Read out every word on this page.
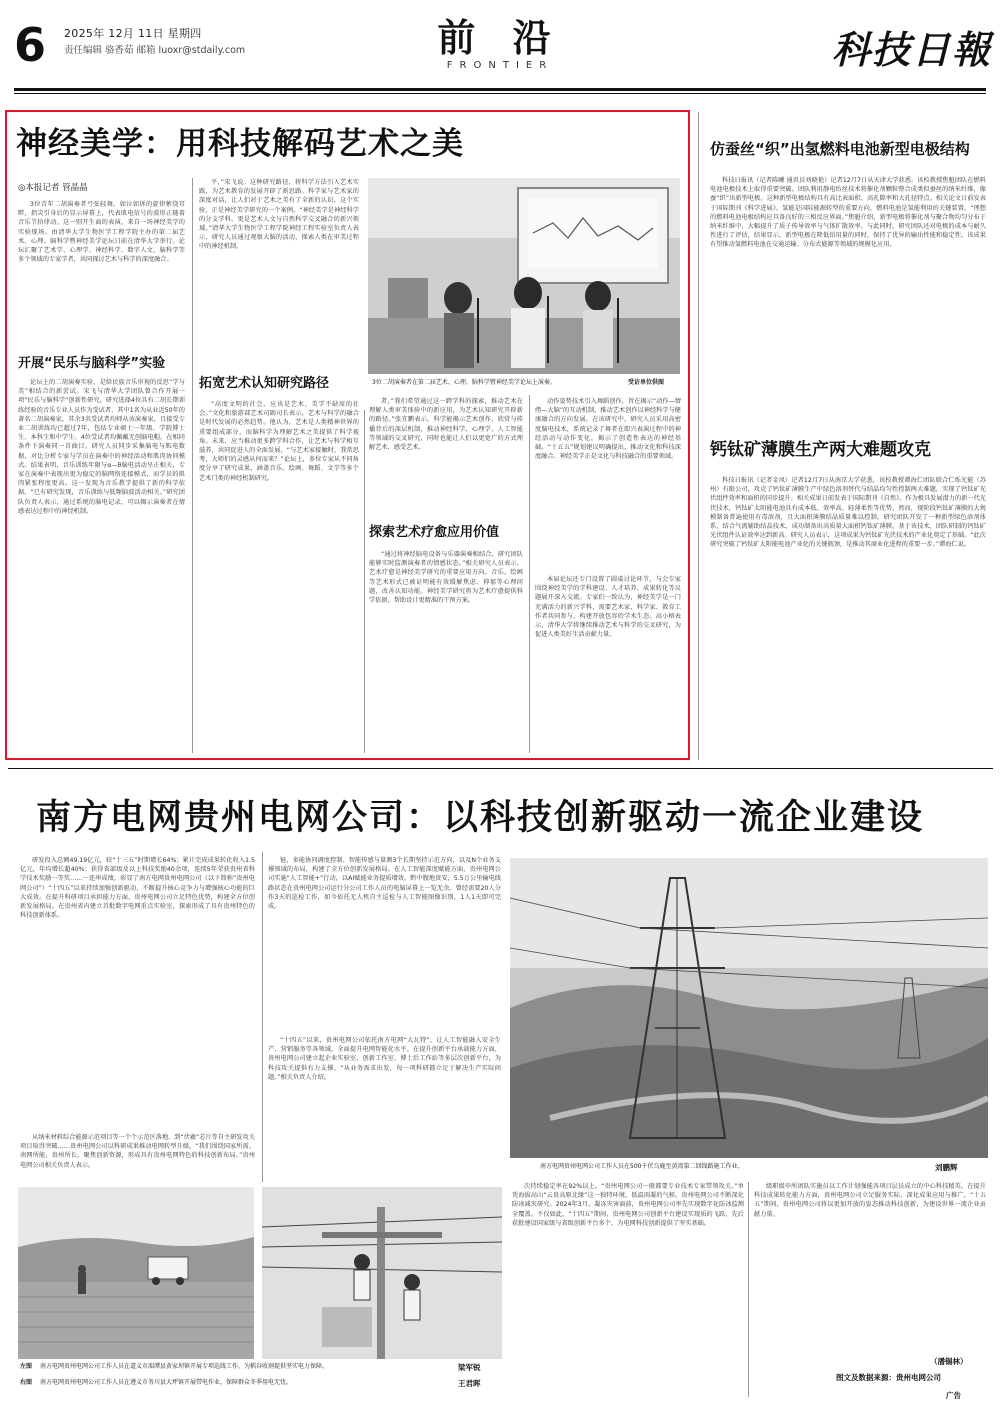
6 2025年 12月 11日 星期四
责任编辑 骆香茹 邮箱 luoxr@stdaily.com	前 沿
FRONTIER	科技日報
神经美学：用科技解码艺术之美
◎本报记者 管晶晶
3位青年二胡演奏者弓弦轻舞，如泣如诉的旋律萦绕耳畔，指尖引身后的显示屏幕上，代表肌电信号的波形正随着音乐节拍律动。这一别开生面的表演，来自一场神经美学的实验现场。由清华大学生物医学工程学院主办的第二届艺术、心理、脑科学暨神经美学论坛日前在清华大学举行。论坛汇聚了艺术学、心理学、神经科学、数字人文、脑科学等多个领域的专家学者，共同探讨艺术与科学的深度融合。
开展“民乐与脑科学”实验
论坛上的二胡演奏实验，是给民族音乐审视的反思“学与美”相结合的新尝试。宋飞与清华大学团队曾合作开展一项“民乐与脑科学”创新性研究。研究选择4位具有二胡长期训练经验的音乐专业人员作为受试者，其中1名为从业近50年的著名二胡演奏家，其余3名受试者均师从该演奏家，且接受专业二胡训练均已超过7年，包括专业硕士一年级、学院博士生、本科生和中学生。4位受试者均佩戴无创脑电帽，在相同条件下演奏同一首曲目。研究人员同步采集脑电与肌电数据，对比分析专家与学员在演奏中的神经活动和肌肉协同模式。结果表明，音乐训练年限与α—θ脑电活动呈正相关，专家在演奏中表现出更为稳定的脑网络连接模式，而学员的肌肉紧张程度更高。这一发现为音乐教学提供了新的科学依据。“已有研究发现，音乐训练与低频脑波活动相关。”研究团队负责人表示，通过系统的脑电记录，可以揭示演奏者在情感表达过程中的神经机制。
平，”宋飞说。这种研究路径，将科学方法引入艺术实践，为艺术教育的发展开辟了新思路。科学家与艺术家的深度对话，让人们对于艺术之美有了全新的认识。这个实验，正是神经美学研究的一个案例。“神经美学是神经科学的分支学科，更是艺术人文与自然科学交叉融合的新兴领域。”清华大学生物医学工程学院神经工程实验室负责人表示，研究人员通过观察大脑的活动，探索人类在审美过程中的神经机制。
拓宽艺术认知研究路径
“高度文明的社会，应该是艺术、美学不缺席的社会。”文化和旅游部艺术司副司长表示，艺术与科学的融合是时代发展的必然趋势。他认为，艺术是人类精神世界的重要组成部分，而脑科学为理解艺术之美提供了科学视角。未来，应当推动更多跨学科合作，让艺术与科学相互滋养，共同促进人的全面发展。“与艺术家接触时，我常思考，大师们的灵感从何而来？”论坛上，多位专家从不同角度分享了研究成果，涵盖音乐、绘画、舞蹈、文学等多个艺术门类的神经机制研究。
3位二胡演奏者在第二届艺术、心理、脑科学暨神经美学论坛上演奏。	受访单位供图
者，”我们希望通过这一跨学科的探索，推动艺术在理解人类审美体验中的新应用，为艺术认知研究开辟新的路径。”张宜鹏表示，科学能揭示艺术创作、欣赏与传播背后的深层机制，推动神经科学、心理学、人工智能等领域的交叉研究，同时也能让人们以更宽广的方式理解艺术、感受艺术。
探索艺术疗愈应用价值
“通过将神经脑电设备与乐器演奏相结合，研究团队能够实时监测演奏者的情感状态。”相关研究人员表示，艺术疗愈是神经美学研究的重要应用方向。音乐、绘画等艺术形式已被证明能有效缓解焦虑、抑郁等心理问题，改善认知功能。神经美学研究将为艺术疗愈提供科学依据，帮助设计更精准的干预方案。
动作姿势技术引入舞蹈创作，旨在揭示“动作—情绪—大脑”的互动机制，推动艺术创作以神经科学与健康融合的方向发展。在该研究中，研究人员采用高密度脑电技术，系统记录了舞者在即兴表演过程中的神经活动与动作变化，揭示了创造性表达的神经基础。“十五五”规划建议明确提出，推动文化和科技深度融合。神经美学正是文化与科技融合的重要领域。
本届论坛还专门设置了圆桌讨论环节，与会专家围绕神经美学的学科建设、人才培养、成果转化等议题展开深入交流。专家们一致认为，神经美学是一门充满活力的新兴学科，需要艺术家、科学家、教育工作者共同参与，构建开放包容的学术生态。高小榕表示，清华大学将继续推动艺术与科学的交叉研究，为促进人类美好生活贡献力量。
仿蚕丝“织”出氢燃料电池新型电极结构
科技日报讯（记者陈曦 通讯员刘晓艳）记者12月7日从天津大学获悉，该校教授焦魁团队在燃料电池电极技术上取得重要突破。团队利用静电纺丝技术将催化剂颗粒整合成类似蚕丝的纳米纤维，像蚕“织”出新型电极。这种新型电极结构具有高比表面积、高孔隙率和大孔径特点。相关论文日前发表于国际期刊《科学进展》。氢能是国际能源转型的重要方向，燃料电池是氢能利用的关键装置。“理想的燃料电池电极结构应具备良好的三相反应界面。”焦魁介绍，新型电极将催化剂与聚合物均匀分布于纳米纤维中，大幅提升了质子传导效率与气体扩散效率。与此同时，研究团队还对电极的成本与耐久性进行了评估，结果显示，新型电极在降低铂用量的同时，保持了优异的输出性能和稳定性。该成果有望推动氢燃料电池在交通运输、分布式能源等领域的规模化应用。
钙钛矿薄膜生产两大难题攻克
科技日报讯（记者金凤）记者12月7日从南京大学获悉，该校教授谭海仁团队联合仁烁光能（苏州）有限公司，攻克了钙钛矿薄膜生产中绿色溶剂替代与结晶均匀性控制两大难题，实现了钙钛矿光伏组件效率和面积的同步提升。相关成果日前发表于国际期刊《自然》。作为极具发展潜力的新一代光伏技术，钙钛矿太阳能电池具有成本低、效率高、轻薄柔性等优势。然而，现阶段钙钛矿薄膜的大规模制备普遍使用有毒溶剂，且大面积薄膜结晶质量难以控制。研究团队开发了一种新型绿色溶剂体系，结合气流辅助结晶技术，成功制备出高质量大面积钙钛矿薄膜。基于该技术，团队研制的钙钛矿光伏组件认证效率达到新高。研究人员表示，这项成果为钙钛矿光伏技术的产业化奠定了基础。“此次研究突破了钙钛矿太阳能电池产业化的关键瓶颈，是推动其商业化进程的重要一步。”谭海仁说。
南方电网贵州电网公司：以科技创新驱动一流企业建设
研发投入总额49.19亿元，较“十三五”时期增长64%；累计完成成果转化收入1.5亿元，年均增长超40%；获得省部级及以上科技奖励40余项，连续5年荣获贵州省科学技术奖励一等奖……一连串成绩，彰显了南方电网贵州电网公司（以下简称“贵州电网公司”）“十四五”以来持续加强创新驱动、不断提升核心竞争力与增强核心功能的巨大成效。在提升科研项目承担能力方面，贵州电网公司立足特色优势，构建全方位创新发展格局。在贵州省内建立首批数字电网重点实验室，探索形成了具有贵州特色的科技创新体系。
从纳米材料综合能源示范项目等一个个示范区落地，到“伏羲”芯片等自主研发攻关项目取得突破……贵州电网公司以科研成果推动电网转型升级。“我们围绕国家所需、南网所能、贵州所长，聚焦创新资源，形成具有贵州电网特色的科技创新布局。”贵州电网公司相关负责人表示。
链，多能协同调度控制、智能传感与量测3个长期坚持示范方向，以及N个业务支撑领域的布局，构建了全方位创新发展格局。在人工智能深度赋能方面，贵州电网公司实施“人工智能+”行动，以AI赋能业务提质增效。黔中腹地贵安，5.5万公里输电线路状态在贵州电网公司运行分公司工作人员的电脑屏幕上一览无余。曾经需要20人分作3天的巡检工作，如今依托无人机自主巡检与人工智能图像识别，1人1天即可完成。
“十四五”以来，贵州电网公司依托南方电网“大瓦特”，让人工智能融入安全生产、营销服务等各领域，全面提升电网智能化水平。在提升创新平台承载能力方面，贵州电网公司建立起企业实验室、创新工作室、博士后工作站等多层次创新平台，为科技攻关提供有力支撑。“从业务需求出发，每一项科研都立足于解决生产实际问题。”相关负责人介绍。
南方电网贵州电网公司工作人员在500千伏乌鹿至黄湾第二回线路施工作业。	刘鹏辉
左图 南方电网贵州电网公司工作人员在道义市湄潭县黄家坝镇开展专项巡线工作，为稻谷收割提供坚实电力保障。	梁军锐
右图 南方电网贵州电网公司工作人员在遵义市务川县大坪镇开展带电作业，保障群众冬季用电无忧。	王君晖
次持续稳定率在92%以上。“贵州电网公司一般都要专业技术专家带领攻关。”单凭海拔高山“云贵高原北缘”这一独特环境，低温雨凝的气候，贵州电网公司不断深化防冰减灾研究。2024年3月，凝冻灾害面前，贵州电网公司率先实现数字化防冰监测全覆盖。不仅如此，“十四五”期间，贵州电网公司创新平台建设实现质的飞跃，先后获批建设国家级与省级创新平台多个，为电网科技创新提供了坚实基础。
级职级申所团队实施员以工作计划强能各项目层员成立的中心科技精英。在提升科技成果转化能力方面，贵州电网公司立足服务实际，深化成果应用与推广，“十五五”期间，贵州电网公司将以更加开放的姿态推动科技创新，为建设世界一流企业贡献力量。
（潘锡林）
图文及数据来源：贵州电网公司
广告
